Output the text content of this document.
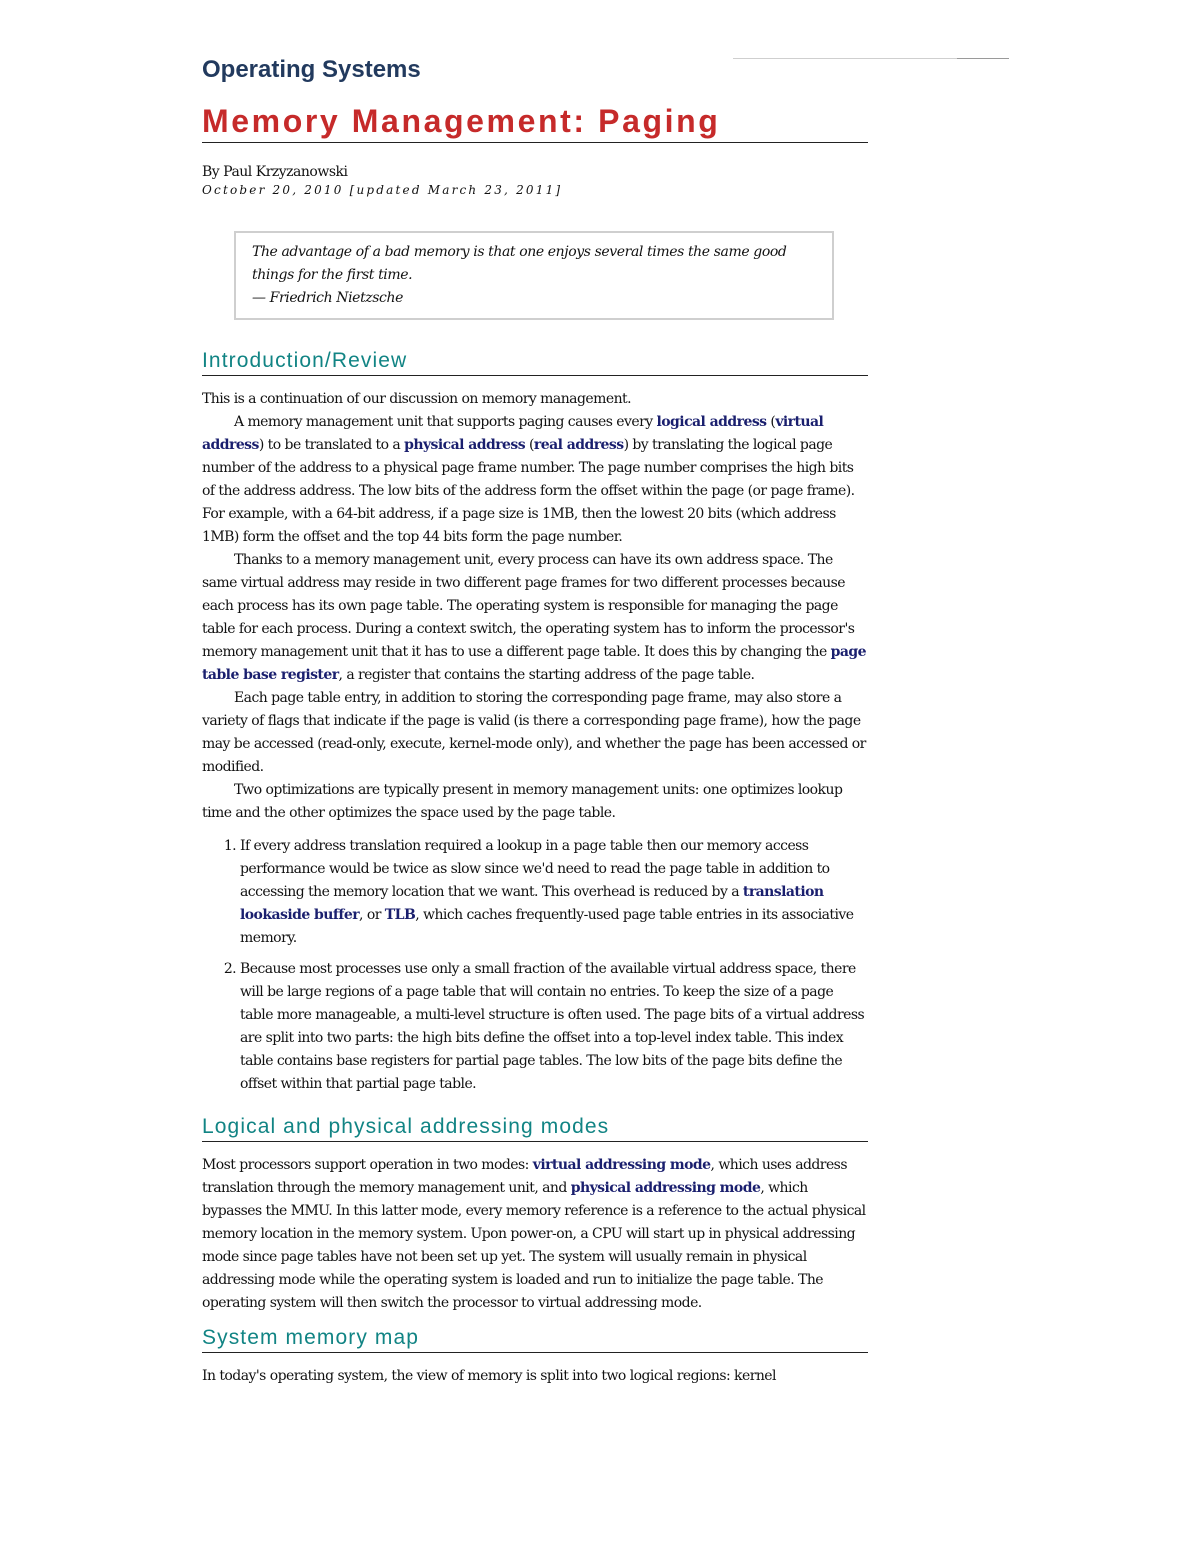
Operating Systems
Memory Management: Paging
By Paul Krzyzanowski
October 20, 2010 [updated March 23, 2011]
The advantage of a bad memory is that one enjoys several times the same good things for the first time.
— Friedrich Nietzsche
Introduction/Review

This is a continuation of our discussion on memory management.

A memory management unit that supports paging causes every logical address (virtual address) to be translated to a physical address (real address) by translating the logical page number of the address to a physical page frame number. The page number comprises the high bits of the address address. The low bits of the address form the offset within the page (or page frame). For example, with a 64-bit address, if a page size is 1MB, then the lowest 20 bits (which address 1MB) form the offset and the top 44 bits form the page number.

Thanks to a memory management unit, every process can have its own address space. The same virtual address may reside in two different page frames for two different processes because each process has its own page table. The operating system is responsible for managing the page table for each process. During a context switch, the operating system has to inform the processor's memory management unit that it has to use a different page table. It does this by changing the page table base register, a register that contains the starting address of the page table.

Each page table entry, in addition to storing the corresponding page frame, may also store a variety of flags that indicate if the page is valid (is there a corresponding page frame), how the page may be accessed (read-only, execute, kernel-mode only), and whether the page has been accessed or modified.

Two optimizations are typically present in memory management units: one optimizes lookup time and the other optimizes the space used by the page table.

1. If every address translation required a lookup in a page table then our memory access performance would be twice as slow since we'd need to read the page table in addition to accessing the memory location that we want. This overhead is reduced by a translation lookaside buffer, or TLB, which caches frequently-used page table entries in its associative memory.
2. Because most processes use only a small fraction of the available virtual address space, there will be large regions of a page table that will contain no entries. To keep the size of a page table more manageable, a multi-level structure is often used. The page bits of a virtual address are split into two parts: the high bits define the offset into a top-level index table. This index table contains base registers for partial page tables. The low bits of the page bits define the offset within that partial page table.
Logical and physical addressing modes

Most processors support operation in two modes: virtual addressing mode, which uses address translation through the memory management unit, and physical addressing mode, which bypasses the MMU. In this latter mode, every memory reference is a reference to the actual physical memory location in the memory system. Upon power-on, a CPU will start up in physical addressing mode since page tables have not been set up yet. The system will usually remain in physical addressing mode while the operating system is loaded and run to initialize the page table. The operating system will then switch the processor to virtual addressing mode.

System memory map

In today's operating system, the view of memory is split into two logical regions: kernel
